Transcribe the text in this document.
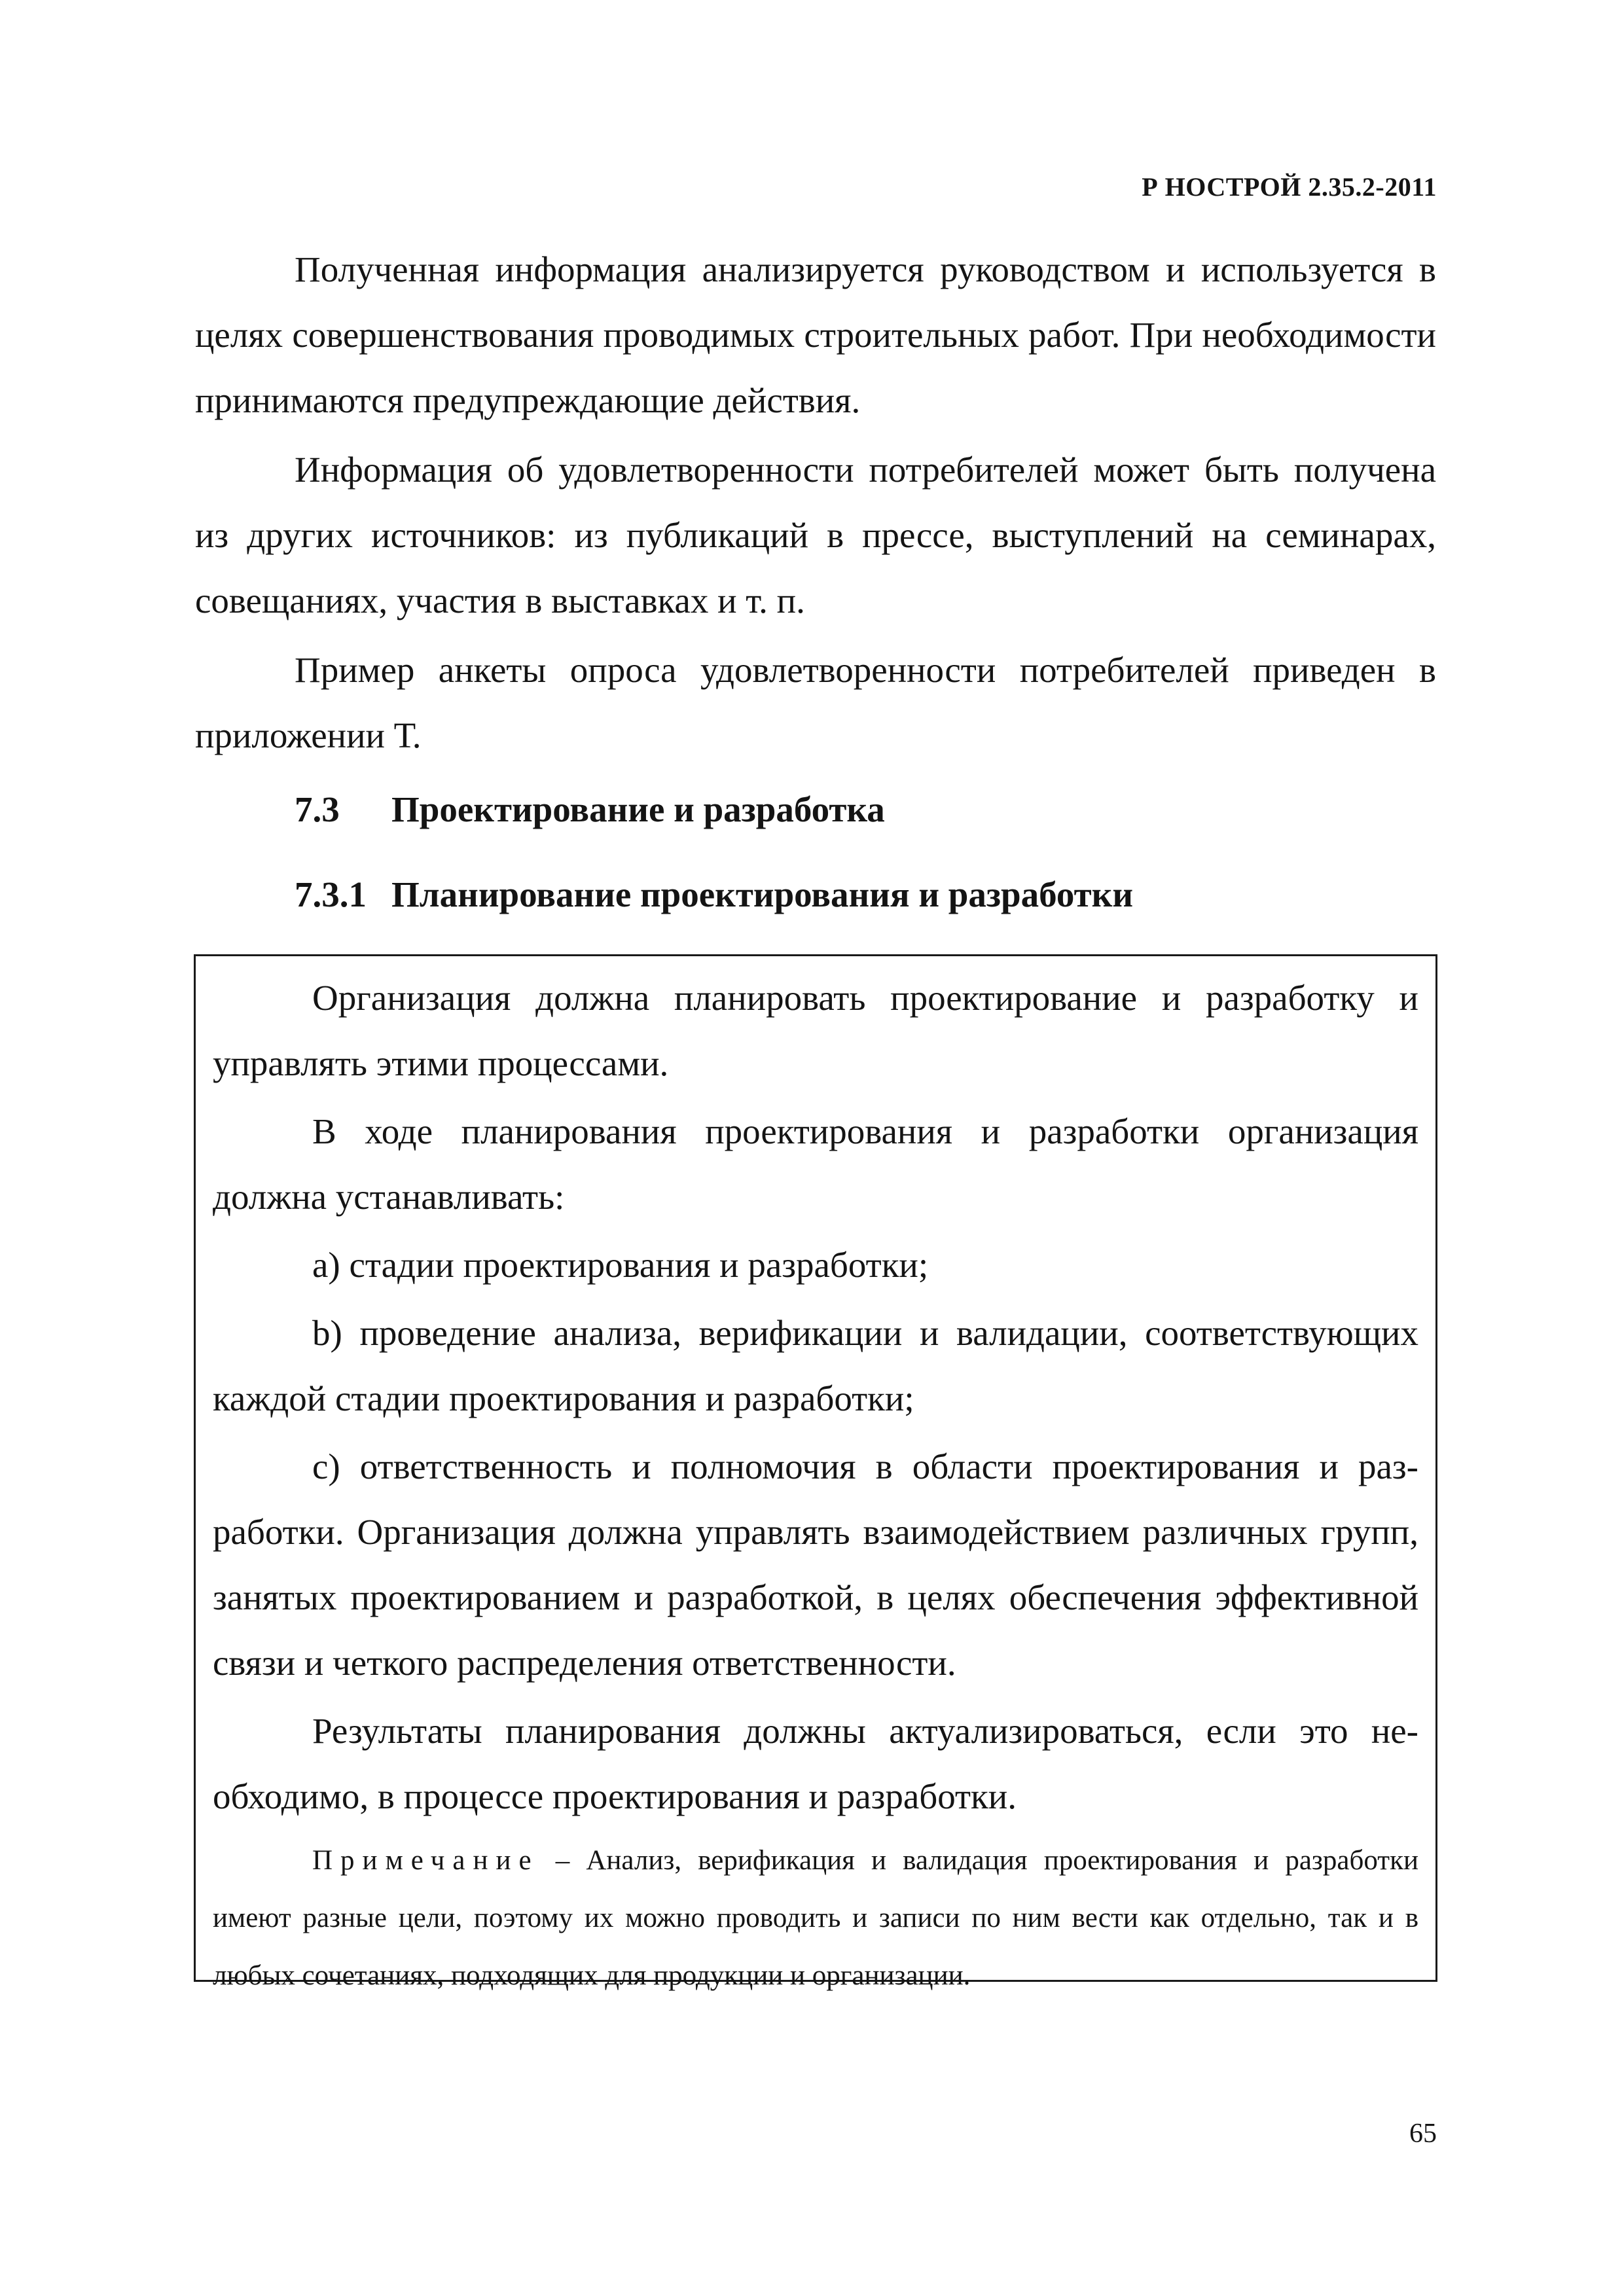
Р НОСТРОЙ 2.35.2-2011

Полученная информация анализируется руководством и используется в целях совершенствования проводимых строительных работ. При необходимости принимаются предупреждающие действия.

Информация об удовлетворенности потребителей может быть получена из других источников: из публикаций в прессе, выступлений на семинарах, совещаниях, участия в выставках и т. п.

Пример анкеты опроса удовлетворенности потребителей приведен в приложении Т.

7.3 Проектирование и разработка
7.3.1 Планирование проектирования и разработки

Организация должна планировать проектирование и разработку и управлять этими процессами.

В ходе планирования проектирования и разработки организация должна устанавливать:

a) стадии проектирования и разработки;

b) проведение анализа, верификации и валидации, соответствующих каждой стадии проектирования и разработки;

c) ответственность и полномочия в области проектирования и разработки. Организация должна управлять взаимодействием различных групп, занятых проектированием и разработкой, в целях обеспечения эффективной связи и четкого распределения ответственности.

Результаты планирования должны актуализироваться, если это необходимо, в процессе проектирования и разработки.

Примечание – Анализ, верификация и валидация проектирования и разработки имеют разные цели, поэтому их можно проводить и записи по ним вести как отдельно, так и в любых сочетаниях, подходящих для продукции и организации.
65
